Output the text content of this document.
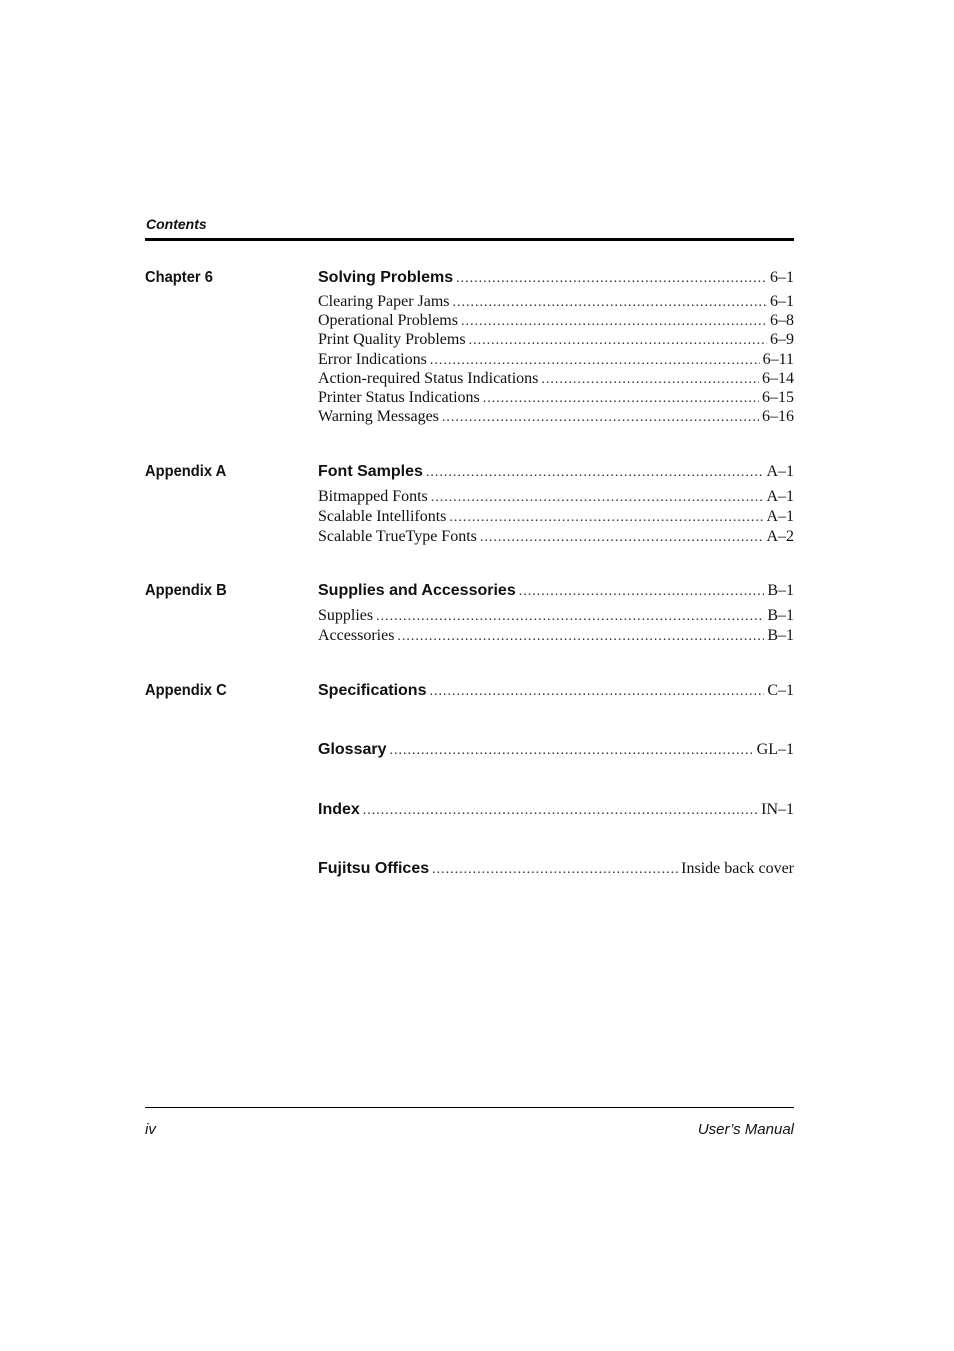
Contents
Chapter 6	Solving Problems .....	6–1
Clearing Paper Jams .....	6–1
Operational Problems .....	6–8
Print Quality Problems .....	6–9
Error Indications .....	6–11
Action-required Status Indications .....	6–14
Printer Status Indications .....	6–15
Warning Messages .....	6–16
Appendix A	Font Samples .....	A–1
Bitmapped Fonts .....	A–1
Scalable Intellifonts .....	A–1
Scalable TrueType Fonts .....	A–2
Appendix B	Supplies and Accessories .....	B–1
Supplies .....	B–1
Accessories .....	B–1
Appendix C	Specifications .....	C–1
Glossary .....	GL–1
Index .....	IN–1
Fujitsu Offices .....	Inside back cover
iv	User’s Manual
